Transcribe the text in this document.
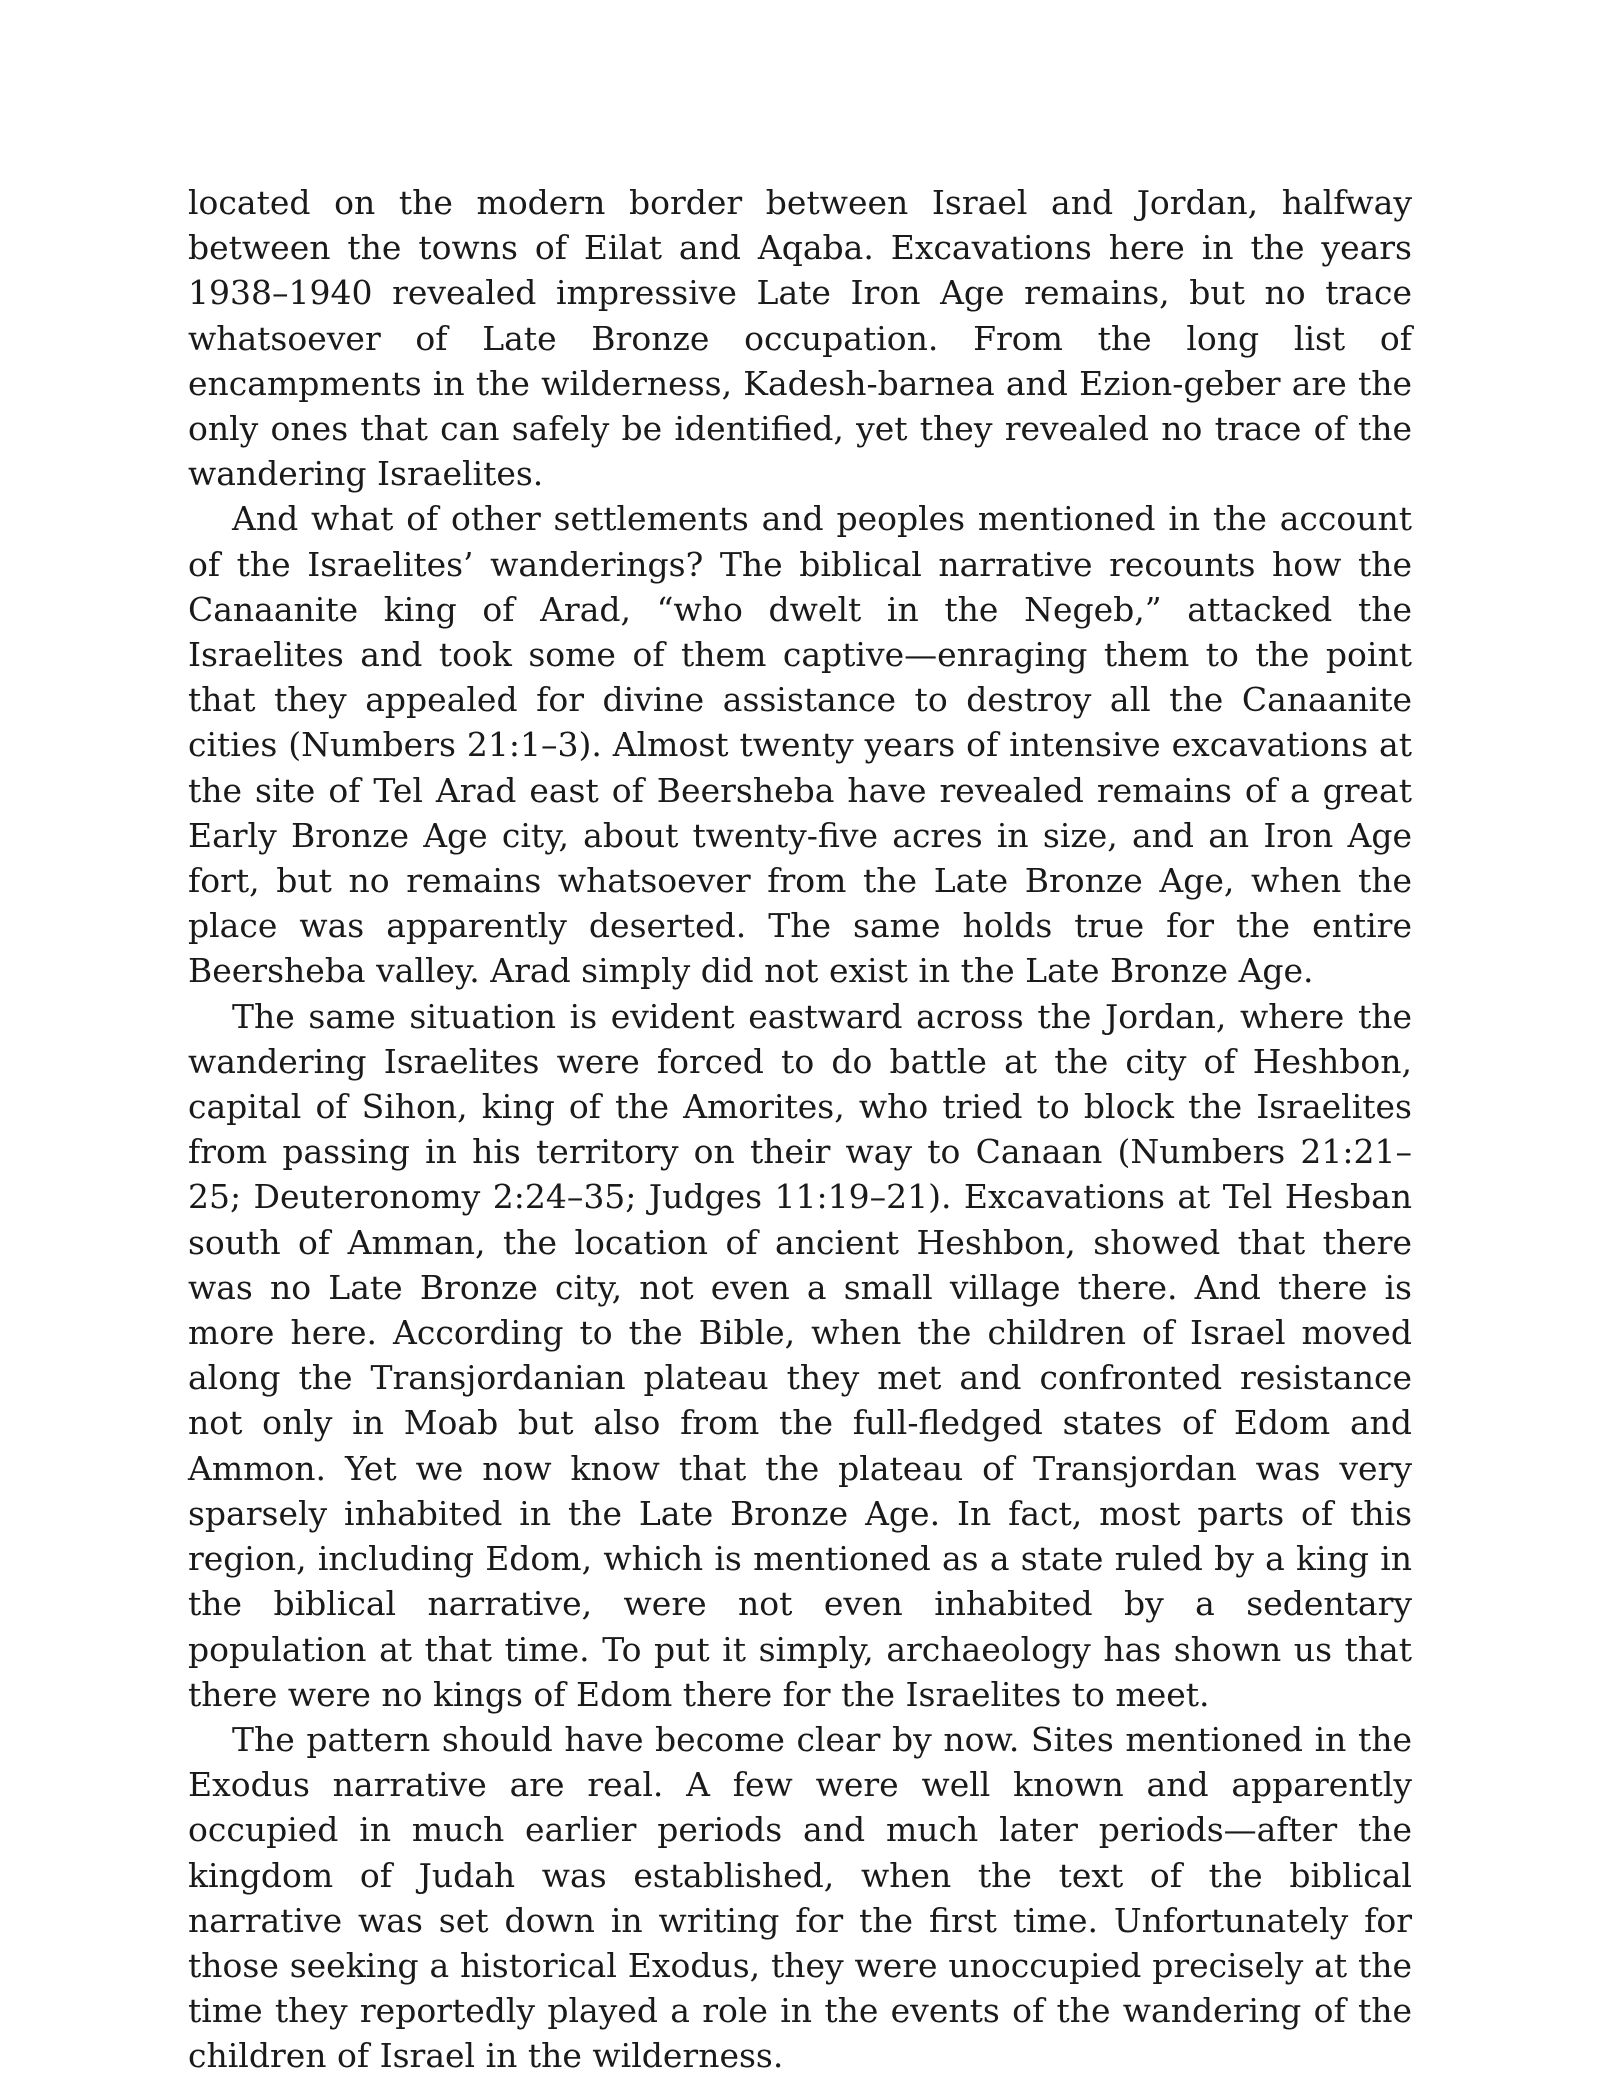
located on the modern border between Israel and Jordan, halfway between the towns of Eilat and Aqaba. Excavations here in the years 1938–1940 revealed impressive Late Iron Age remains, but no trace whatsoever of Late Bronze occupation. From the long list of encampments in the wilderness, Kadesh-barnea and Ezion-geber are the only ones that can safely be identified, yet they revealed no trace of the wandering Israelites.

And what of other settlements and peoples mentioned in the account of the Israelites’ wanderings? The biblical narrative recounts how the Canaanite king of Arad, “who dwelt in the Negeb,” attacked the Israelites and took some of them captive—enraging them to the point that they appealed for divine assistance to destroy all the Canaanite cities (Numbers 21:1–3). Almost twenty years of intensive excavations at the site of Tel Arad east of Beersheba have revealed remains of a great Early Bronze Age city, about twenty-five acres in size, and an Iron Age fort, but no remains whatsoever from the Late Bronze Age, when the place was apparently deserted. The same holds true for the entire Beersheba valley. Arad simply did not exist in the Late Bronze Age.

The same situation is evident eastward across the Jordan, where the wandering Israelites were forced to do battle at the city of Heshbon, capital of Sihon, king of the Amorites, who tried to block the Israelites from passing in his territory on their way to Canaan (Numbers 21:21–25; Deuteronomy 2:24–35; Judges 11:19–21). Excavations at Tel Hesban south of Amman, the location of ancient Heshbon, showed that there was no Late Bronze city, not even a small village there. And there is more here. According to the Bible, when the children of Israel moved along the Transjordanian plateau they met and confronted resistance not only in Moab but also from the full-fledged states of Edom and Ammon. Yet we now know that the plateau of Transjordan was very sparsely inhabited in the Late Bronze Age. In fact, most parts of this region, including Edom, which is mentioned as a state ruled by a king in the biblical narrative, were not even inhabited by a sedentary population at that time. To put it simply, archaeology has shown us that there were no kings of Edom there for the Israelites to meet.

The pattern should have become clear by now. Sites mentioned in the Exodus narrative are real. A few were well known and apparently occupied in much earlier periods and much later periods—after the kingdom of Judah was established, when the text of the biblical narrative was set down in writing for the first time. Unfortunately for those seeking a historical Exodus, they were unoccupied precisely at the time they reportedly played a role in the events of the wandering of the children of Israel in the wilderness.
